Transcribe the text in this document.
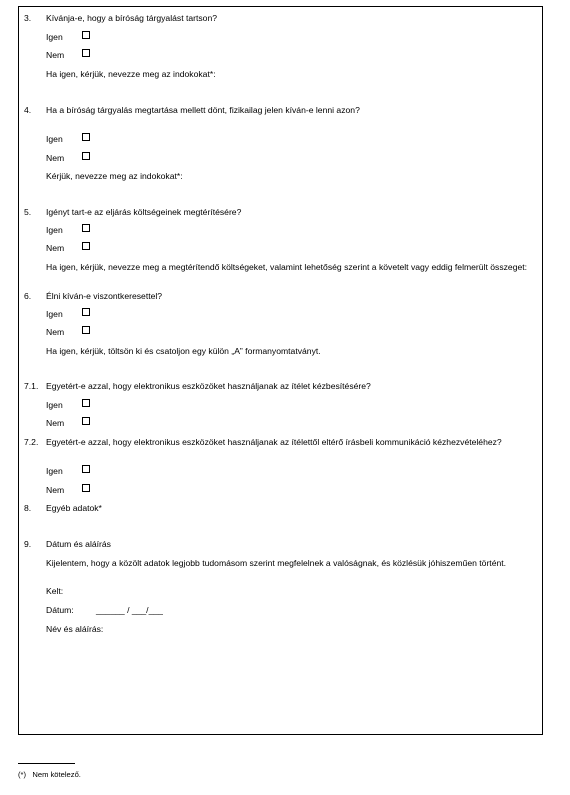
3. Kívánja-e, hogy a bíróság tárgyalást tartson?
Igen
Nem
Ha igen, kérjük, nevezze meg az indokokat*:
4. Ha a bíróság tárgyalás megtartása mellett dönt, fizikailag jelen kíván-e lenni azon?
Igen
Nem
Kérjük, nevezze meg az indokokat*:
5. Igényt tart-e az eljárás költségeinek megtérítésére?
Igen
Nem
Ha igen, kérjük, nevezze meg a megtérítendő költségeket, valamint lehetőség szerint a követelt vagy eddig felmerült összeget:
6. Élni kíván-e viszontkeresettel?
Igen
Nem
Ha igen, kérjük, töltsön ki és csatoljon egy külön „A” formanyomtatványt.
7.1. Egyetért-e azzal, hogy elektronikus eszközöket használjanak az ítélet kézbesítésére?
Igen
Nem
7.2. Egyetért-e azzal, hogy elektronikus eszközöket használjanak az ítélettől eltérő írásbeli kommunikáció kézhezvételéhez?
Igen
Nem
8. Egyéb adatok*
9. Dátum és aláírás
Kijelentem, hogy a közölt adatok legjobb tudomásom szerint megfelelnek a valóságnak, és közlésük jóhiszeműen történt.
Kelt:
Dátum:	______ / ___/___
Név és aláírás:
(*) Nem kötelező.
